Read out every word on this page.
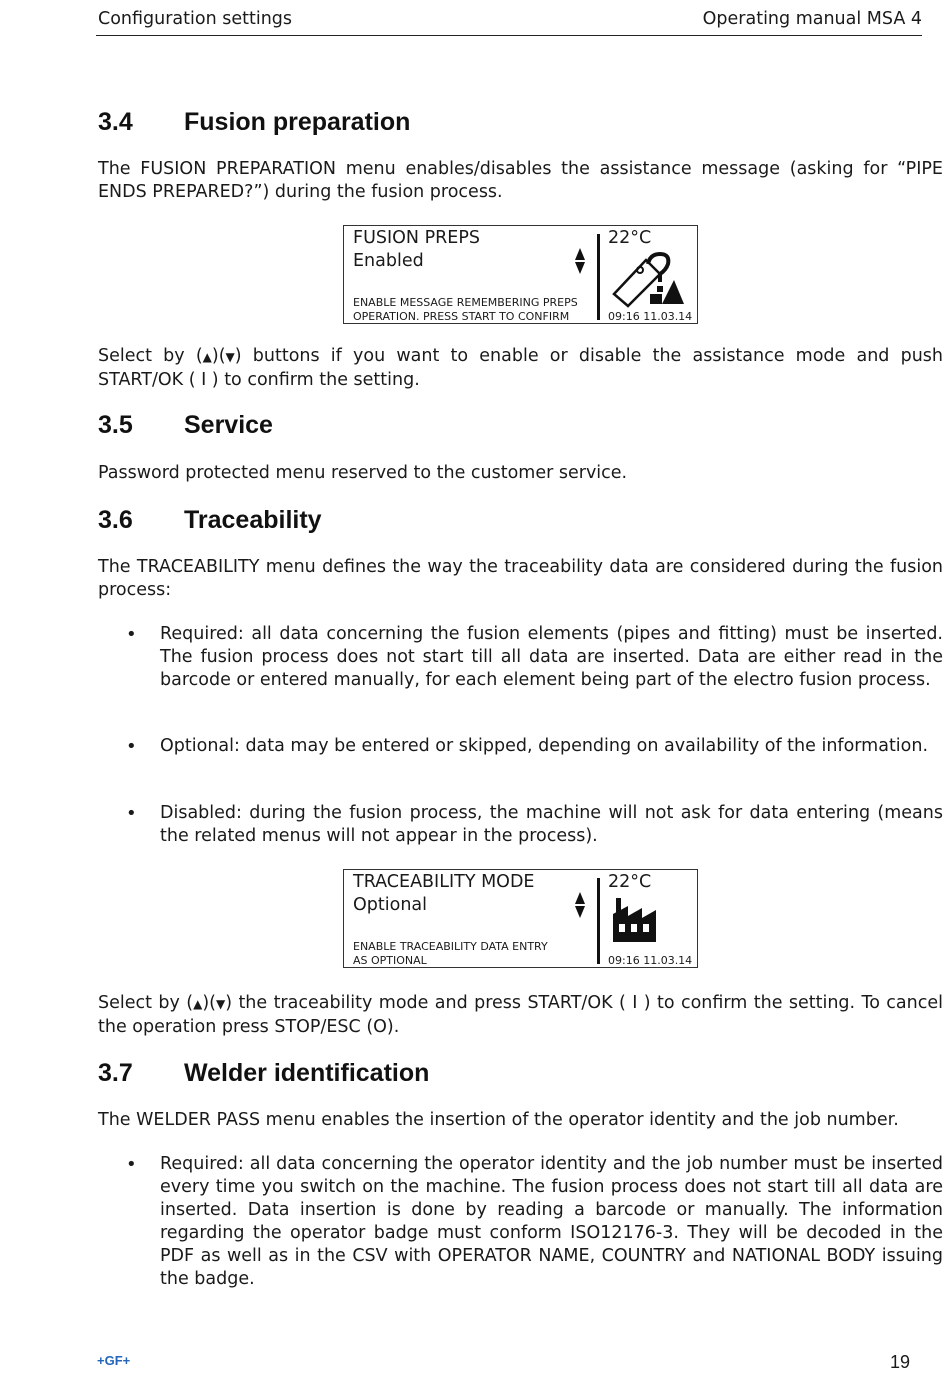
Configuration settings	Operating manual MSA 4
3.4 Fusion preparation
The FUSION PREPARATION menu enables/disables the assistance message (asking for “PIPE ENDS PREPARED?”) during the fusion process.
FUSION PREPS
Enabled
22°C
ENABLE MESSAGE REMEMBERING PREPS
OPERATION. PRESS START TO CONFIRM	09:16 11.03.14
Select by (▲)(▼) buttons if you want to enable or disable the assistance mode and push START/OK ( I ) to confirm the setting.
3.5 Service
Password protected menu reserved to the customer service.
3.6 Traceability
The TRACEABILITY menu defines the way the traceability data are considered during the fusion process:
• Required: all data concerning the fusion elements (pipes and fitting) must be inserted. The fusion process does not start till all data are inserted. Data are either read in the barcode or entered manually, for each element being part of the electro fusion process.
• Optional: data may be entered or skipped, depending on availability of the information.
• Disabled: during the fusion process, the machine will not ask for data entering (means the related menus will not appear in the process).
TRACEABILITY MODE
Optional
22°C
ENABLE TRACEABILITY DATA ENTRY
AS OPTIONAL	09:16 11.03.14
Select by (▲)(▼) the traceability mode and press START/OK ( I ) to confirm the setting. To cancel the operation press STOP/ESC (O).
3.7 Welder identification
The WELDER PASS menu enables the insertion of the operator identity and the job number.
• Required: all data concerning the operator identity and the job number must be inserted every time you switch on the machine. The fusion process does not start till all data are inserted. Data insertion is done by reading a barcode or manually. The information regarding the operator badge must conform ISO12176-3. They will be decoded in the PDF as well as in the CSV with OPERATOR NAME, COUNTRY and NATIONAL BODY issuing the badge.
+GF+	19
